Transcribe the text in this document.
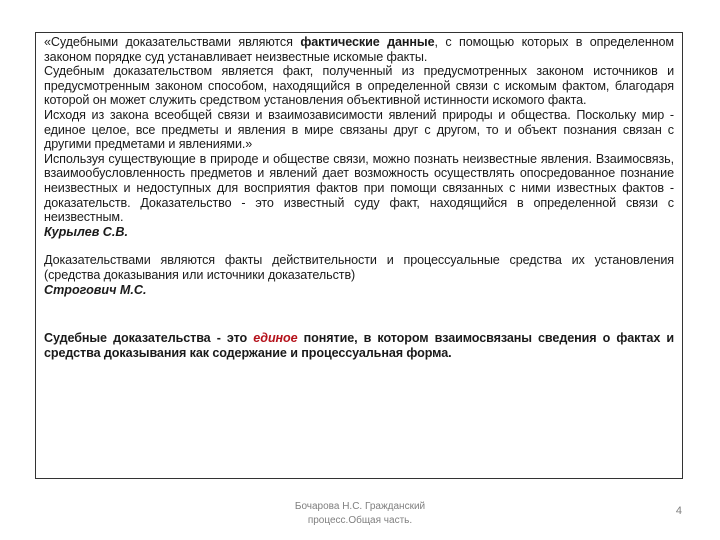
«Судебными доказательствами являются фактические данные, с помощью которых в определенном законом порядке суд устанавливает неизвестные искомые факты.

Судебным доказательством является факт, полученный из предусмотренных законом источников и предусмотренным законом способом, находящийся в определенной связи с искомым фактом, благодаря которой он может служить средством установления объективной истинности искомого факта.

Исходя из закона всеобщей связи и взаимозависимости явлений природы и общества. Поскольку мир - единое целое, все предметы и явления в мире связаны друг с другом, то и объект познания связан с другими предметами и явлениями.»

Используя существующие в природе и обществе связи, можно познать неизвестные явления. Взаимосвязь, взаимообусловленность предметов и явлений дает возможность осуществлять опосредованное познание неизвестных и недоступных для восприятия фактов при помощи связанных с ними известных фактов - доказательств. Доказательство - это известный суду факт, находящийся в определенной связи с неизвестным.

Курылев С.В.

Доказательствами являются факты действительности и процессуальные средства их установления (средства доказывания или источники доказательств)

Строгович М.С.

Судебные доказательства - это единое понятие, в котором взаимосвязаны сведения о фактах и средства доказывания как содержание и процессуальная форма.

Бочарова Н.С. Гражданский
процесс.Общая часть.
4
